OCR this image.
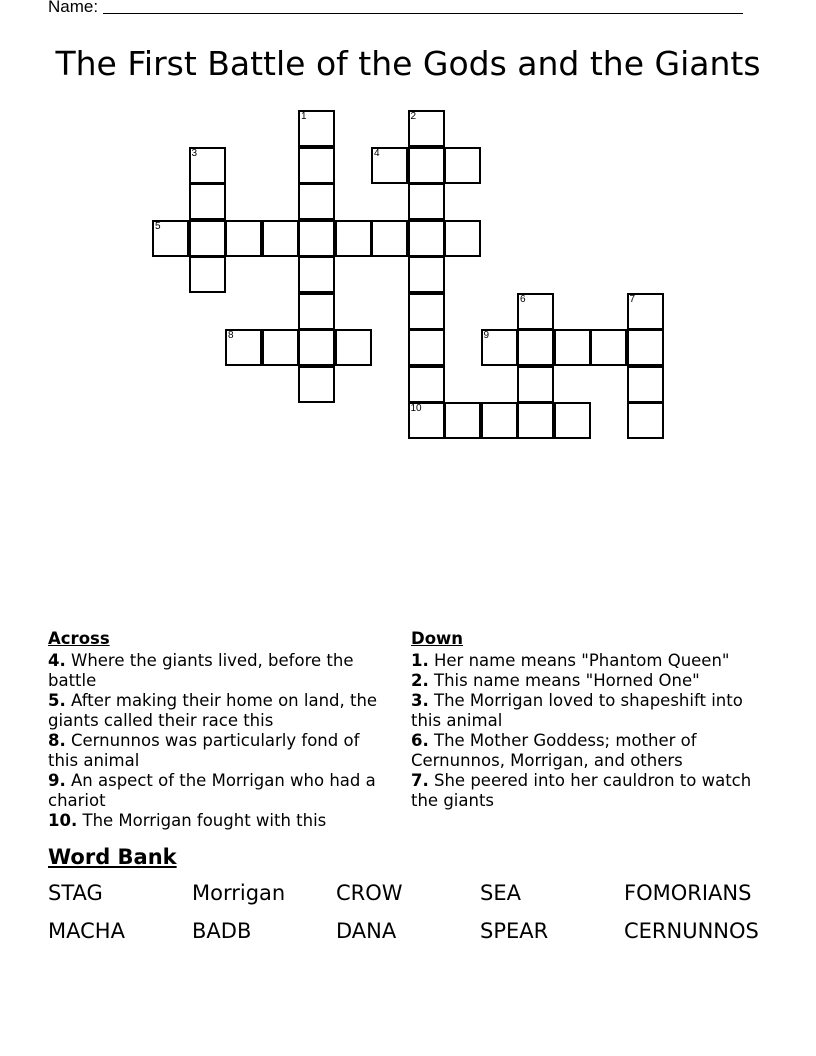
Name:
The First Battle of the Gods and the Giants
1	2
3	4
5
6	7
8	9
10
Across

4. Where the giants lived, before the battle

5. After making their home on land, the giants called their race this

8. Cernunnos was particularly fond of this animal

9. An aspect of the Morrigan who had a chariot

10. The Morrigan fought with this

Down

1. Her name means "Phantom Queen"

2. This name means "Horned One"

3. The Morrigan loved to shapeshift into this animal

6. The Mother Goddess; mother of Cernunnos, Morrigan, and others

7. She peered into her cauldron to watch the giants

Word Bank
STAG	Morrigan	CROW	SEA	FOMORIANS
MACHA	BADB	DANA	SPEAR	CERNUNNOS
